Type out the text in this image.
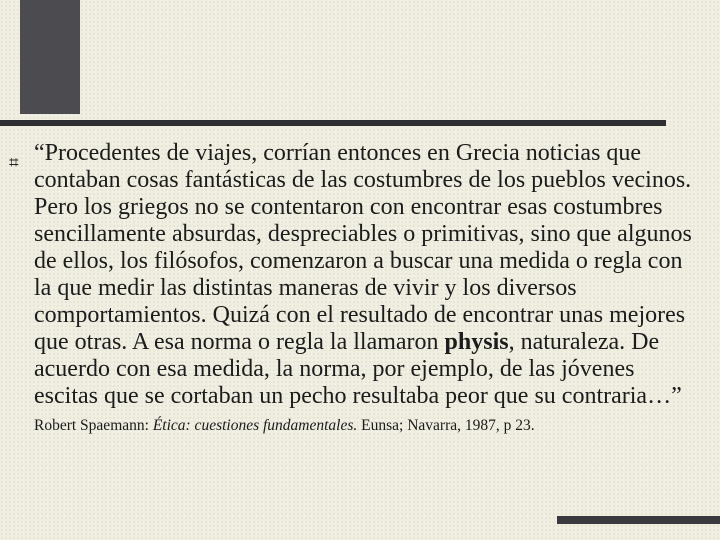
⌗ “Procedentes de viajes, corrían entonces en Grecia noticias que contaban cosas fantásticas de las costumbres de los pueblos vecinos. Pero los griegos no se contentaron con encontrar esas costumbres sencillamente absurdas, despreciables o primitivas, sino que algunos de ellos, los filósofos, comenzaron a buscar una medida o regla con la que medir las distintas maneras de vivir y los diversos comportamientos. Quizá con el resultado de encontrar unas mejores que otras. A esa norma o regla la llamaron physis, naturaleza. De acuerdo con esa medida, la norma, por ejemplo, de las jóvenes escitas que se cortaban un pecho resultaba peor que su contraria…” Robert Spaemann: Ética: cuestiones fundamentales. Eunsa; Navarra, 1987, p 23.
